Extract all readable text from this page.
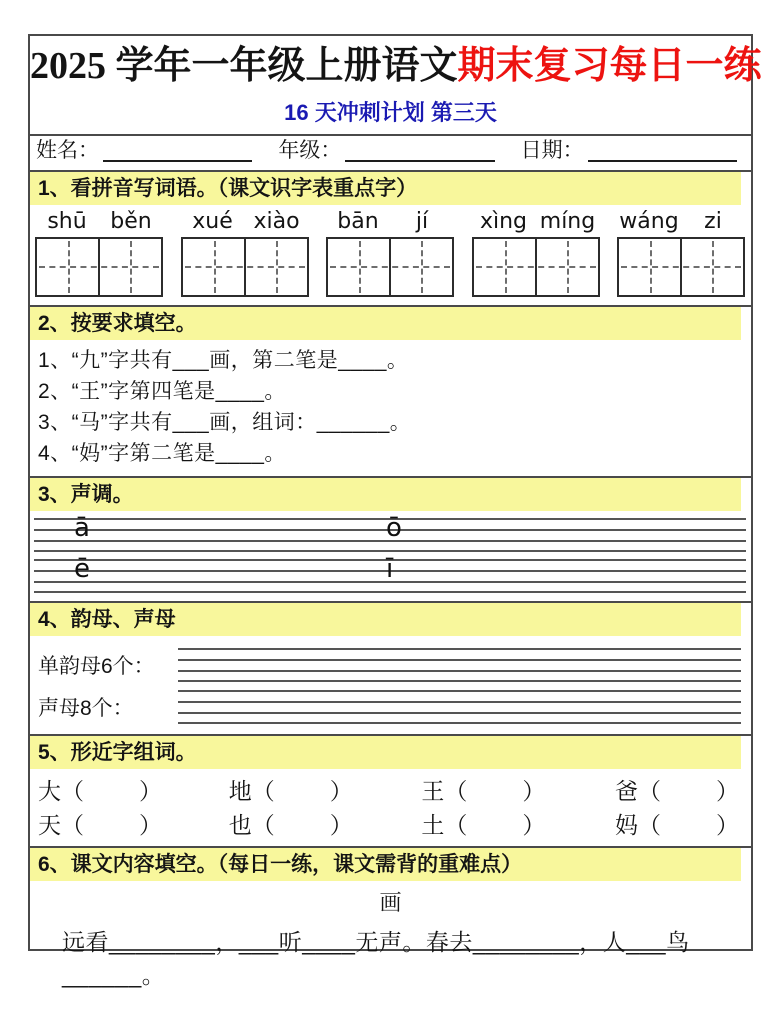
2025 学年一年级上册语文期末复习每日一练
16 天冲刺计划 第三天
姓名：	年级：	日期：
1、看拼音写词语。（课文识字表重点字）
shū	běn	xué xiào	bān	jí	xìng míng wáng	zi
2、按要求填空。
1、“九”字共有___画，第二笔是____。
2、“王”字第四笔是____。
3、“马”字共有___画，组词：______。
4、“妈”字第二笔是____。
3、声调。
ā	ō
ē	ī
4、韵母、声母
单韵母6个：
声母8个：
5、形近字组词。
大 （ ）	地 （ ）	王 （ ）	爸 （ ）
天 （ ）	也 （ ）	土 （ ）	妈 （ ）
6、课文内容填空。（每日一练，课文需背的重难点）
画
远看________，___听____无声。春去________，人___鸟______。
